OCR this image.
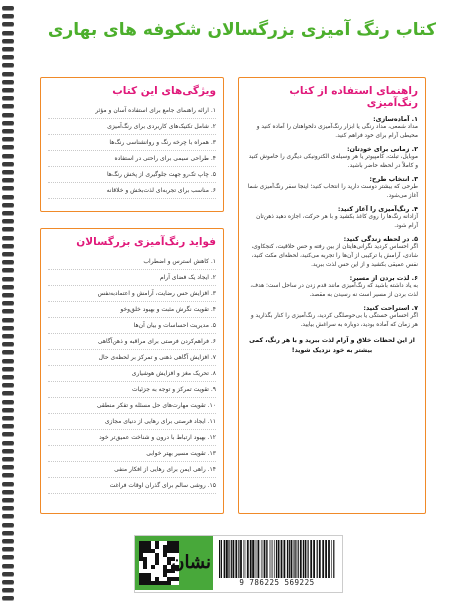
کتاب رنگ آمیزی بزرگسالان شکوفه های بهاری
راهنمای استفاده از کتاب رنگ‌آمیزی
۱. آماده‌سازی:
مداد شمعی، مداد رنگی یا ابزار رنگ‌آمیزی دلخواهتان را آماده کنید و محیطی آرام برای خود فراهم کنید.
۲. زمانی برای خودتان:
موبایل، تبلت، کامپیوتر یا هر وسیله‌ی الکترونیکی دیگری را خاموش کنید و کاملاً در لحظه حاضر باشید.
۳. انتخاب طرح:
طرحی که بیشتر دوست دارید را انتخاب کنید؛ اینجا سفر رنگ‌آمیزی شما آغاز می‌شود.
۴. رنگ‌آمیزی را آغاز کنید:
آزادانه رنگ‌ها را روی کاغذ بکشید و با هر حرکت، اجازه دهید ذهن‌تان آرام شود.
۵. در لحظه زندگی کنید:
اگر احساس کردید نگرانی‌هایتان از بین رفته و حس خلاقیت، کنجکاوی، شادی، آرامش یا ترکیبی از آن‌ها را تجربه می‌کنید، لحظه‌ای مکث کنید، نفس عمیقی بکشید و از این حس لذت ببرید.
۶. لذت بردن از مسیر:
به یاد داشته باشید که رنگ‌آمیزی مانند قدم زدن در ساحل است: هدف، لذت بردن از مسیر است نه رسیدن به مقصد.
۷. استراحت کنید:
اگر احساس خستگی یا بی‌حوصلگی کردید، رنگ‌آمیزی را کنار بگذارید و هر زمان که آماده بودید، دوباره به سراغش بیایید.
از این لحظات خلاق و آرام لذت ببرید و با هر رنگ، کمی بیشتر به خود نزدیک شوید!
ویژگی‌های این کتاب
۱. ارائه راهنمای جامع برای استفاده آسان و مؤثر
۲. شامل تکنیک‌های کاربردی برای رنگ‌آمیزی
۳. همراه با چرخه رنگ و روانشناسی رنگ‌ها
۴. طراحی سیمی برای راحتی در استفاده
۵. چاپ تک‌رو جهت جلوگیری از پخش رنگ‌ها
۶. مناسب برای تجربه‌ای لذت‌بخش و خلاقانه
فواید رنگ‌آمیزی بزرگسالان
۱. کاهش استرس و اضطراب
۲. ایجاد یک فضای آرام
۳. افزایش حس رضایت، آرامش و اعتماد‌به‌نفس
۴. تقویت نگرش مثبت و بهبود خلق‌وخو
۵. مدیریت احساسات و بیان آن‌ها
۶. فراهم‌کردن فرصتی برای مراقبه و ذهن‌آگاهی
۷. افزایش آگاهی ذهنی و تمرکز بر لحظه‌ی حال
۸. تحریک مغز و افزایش هوشیاری
۹. تقویت تمرکز و توجه به جزئیات
۱۰. تقویت مهارت‌های حل مسئله و تفکر منطقی
۱۱. ایجاد فرصتی برای رهایی از دنیای مجازی
۱۲. بهبود ارتباط با درون و شناخت عمیق‌تر خود
۱۳. تقویت مسیر بهتر خوابی
۱۴. راهی ایمن برای رهایی از افکار منفی
۱۵. روشی سالم برای گذران اوقات فراغت
نشان
9 786225 569225
